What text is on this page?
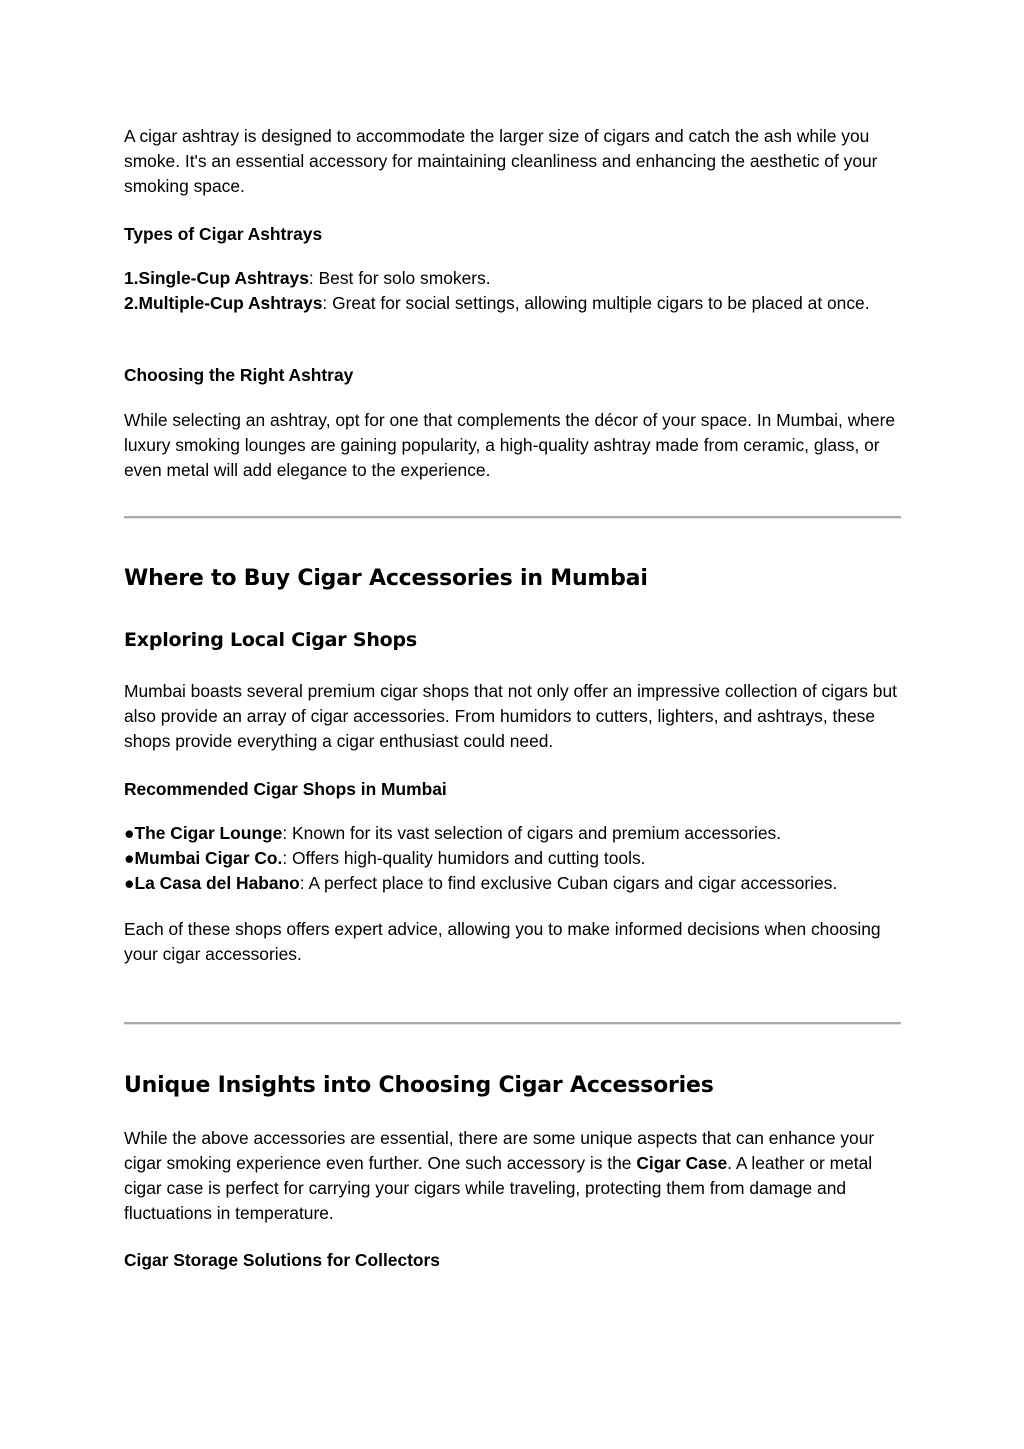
A cigar ashtray is designed to accommodate the larger size of cigars and catch the ash while you smoke. It's an essential accessory for maintaining cleanliness and enhancing the aesthetic of your smoking space.

Types of Cigar Ashtrays

1.Single-Cup Ashtrays: Best for solo smokers.
2.Multiple-Cup Ashtrays: Great for social settings, allowing multiple cigars to be placed at once.

Choosing the Right Ashtray

While selecting an ashtray, opt for one that complements the décor of your space. In Mumbai, where luxury smoking lounges are gaining popularity, a high-quality ashtray made from ceramic, glass, or even metal will add elegance to the experience.

Where to Buy Cigar Accessories in Mumbai
Exploring Local Cigar Shops

Mumbai boasts several premium cigar shops that not only offer an impressive collection of cigars but also provide an array of cigar accessories. From humidors to cutters, lighters, and ashtrays, these shops provide everything a cigar enthusiast could need.

Recommended Cigar Shops in Mumbai

●The Cigar Lounge: Known for its vast selection of cigars and premium accessories.
●Mumbai Cigar Co.: Offers high-quality humidors and cutting tools.
●La Casa del Habano: A perfect place to find exclusive Cuban cigars and cigar accessories.

Each of these shops offers expert advice, allowing you to make informed decisions when choosing your cigar accessories.

Unique Insights into Choosing Cigar Accessories

While the above accessories are essential, there are some unique aspects that can enhance your cigar smoking experience even further. One such accessory is the Cigar Case. A leather or metal cigar case is perfect for carrying your cigars while traveling, protecting them from damage and fluctuations in temperature.

Cigar Storage Solutions for Collectors
